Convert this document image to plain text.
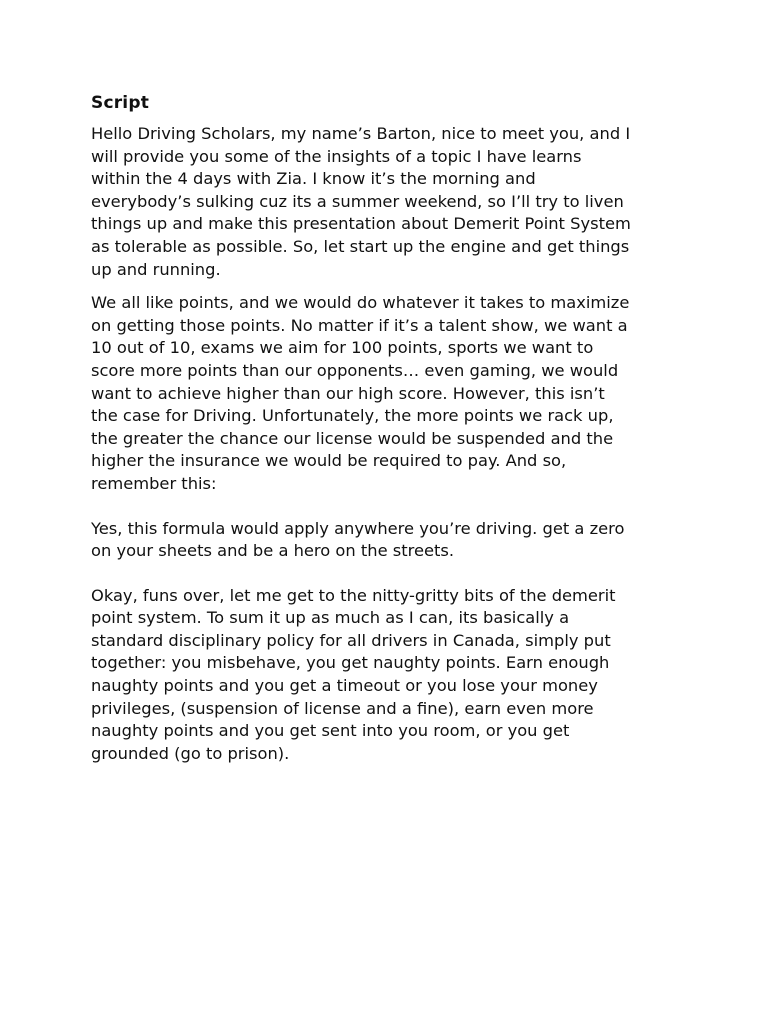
Script
Hello Driving Scholars, my name’s Barton, nice to meet you, and I
will provide you some of the insights of a topic I have learns
within the 4 days with Zia. I know it’s the morning and
everybody’s sulking cuz its a summer weekend, so I’ll try to liven
things up and make this presentation about Demerit Point System
as tolerable as possible. So, let start up the engine and get things
up and running.
We all like points, and we would do whatever it takes to maximize
on getting those points. No matter if it’s a talent show, we want a
10 out of 10, exams we aim for 100 points, sports we want to
score more points than our opponents… even gaming, we would
want to achieve higher than our high score. However, this isn’t
the case for Driving. Unfortunately, the more points we rack up,
the greater the chance our license would be suspended and the
higher the insurance we would be required to pay. And so,
remember this:
Yes, this formula would apply anywhere you’re driving. get a zero
on your sheets and be a hero on the streets.
Okay, funs over, let me get to the nitty-gritty bits of the demerit
point system. To sum it up as much as I can, its basically a
standard disciplinary policy for all drivers in Canada, simply put
together: you misbehave, you get naughty points. Earn enough
naughty points and you get a timeout or you lose your money
privileges, (suspension of license and a fine), earn even more
naughty points and you get sent into you room, or you get
grounded (go to prison).
